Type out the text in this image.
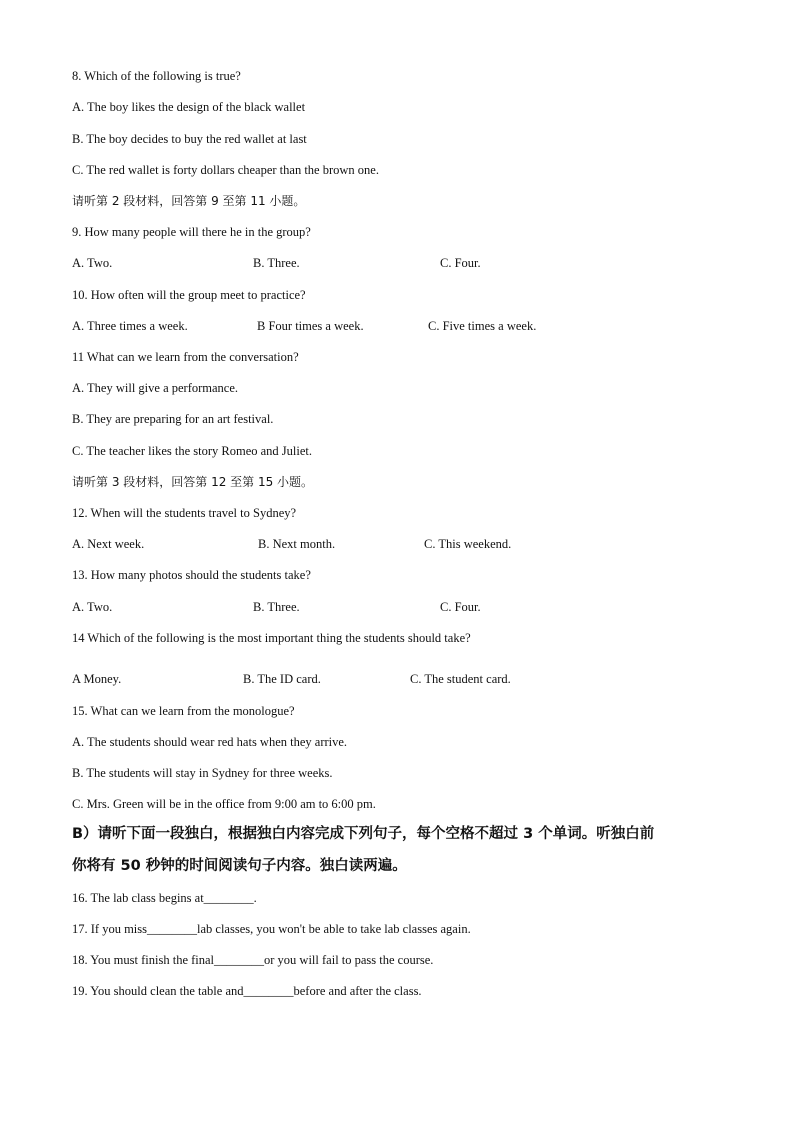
8. Which of the following is true?
A. The boy likes the design of the black wallet
B. The boy decides to buy the red wallet at last
C. The red wallet is forty dollars cheaper than the brown one.
请听第 2 段材料，回答第 9 至第 11 小题。
9. How many people will there he in the group?
A. Two.	B. Three.	C. Four.
10. How often will the group meet to practice?
A. Three times a week.	B Four times a week.	C. Five times a week.
11 What can we learn from the conversation?
A. They will give a performance.
B. They are preparing for an art festival.
C. The teacher likes the story Romeo and Juliet.
请听第 3 段材料，回答第 12 至第 15 小题。
12. When will the students travel to Sydney?
A. Next week.	B. Next month.	C. This weekend.
13. How many photos should the students take?
A. Two.	B. Three.	C. Four.
14 Which of the following is the most important thing the students should take?
A Money.	B. The ID card.	C. The student card.
15. What can we learn from the monologue?
A. The students should wear red hats when they arrive.
B. The students will stay in Sydney for three weeks.
C. Mrs. Green will be in the office from 9:00 am to 6:00 pm.
B）请听下面一段独白，根据独白内容完成下列句子，每个空格不超过 3 个单词。听独白前
你将有 50 秒钟的时间阅读句子内容。独白读两遍。
16. The lab class begins at________.
17. If you miss________lab classes, you won't be able to take lab classes again.
18. You must finish the final________or you will fail to pass the course.
19. You should clean the table and________before and after the class.
